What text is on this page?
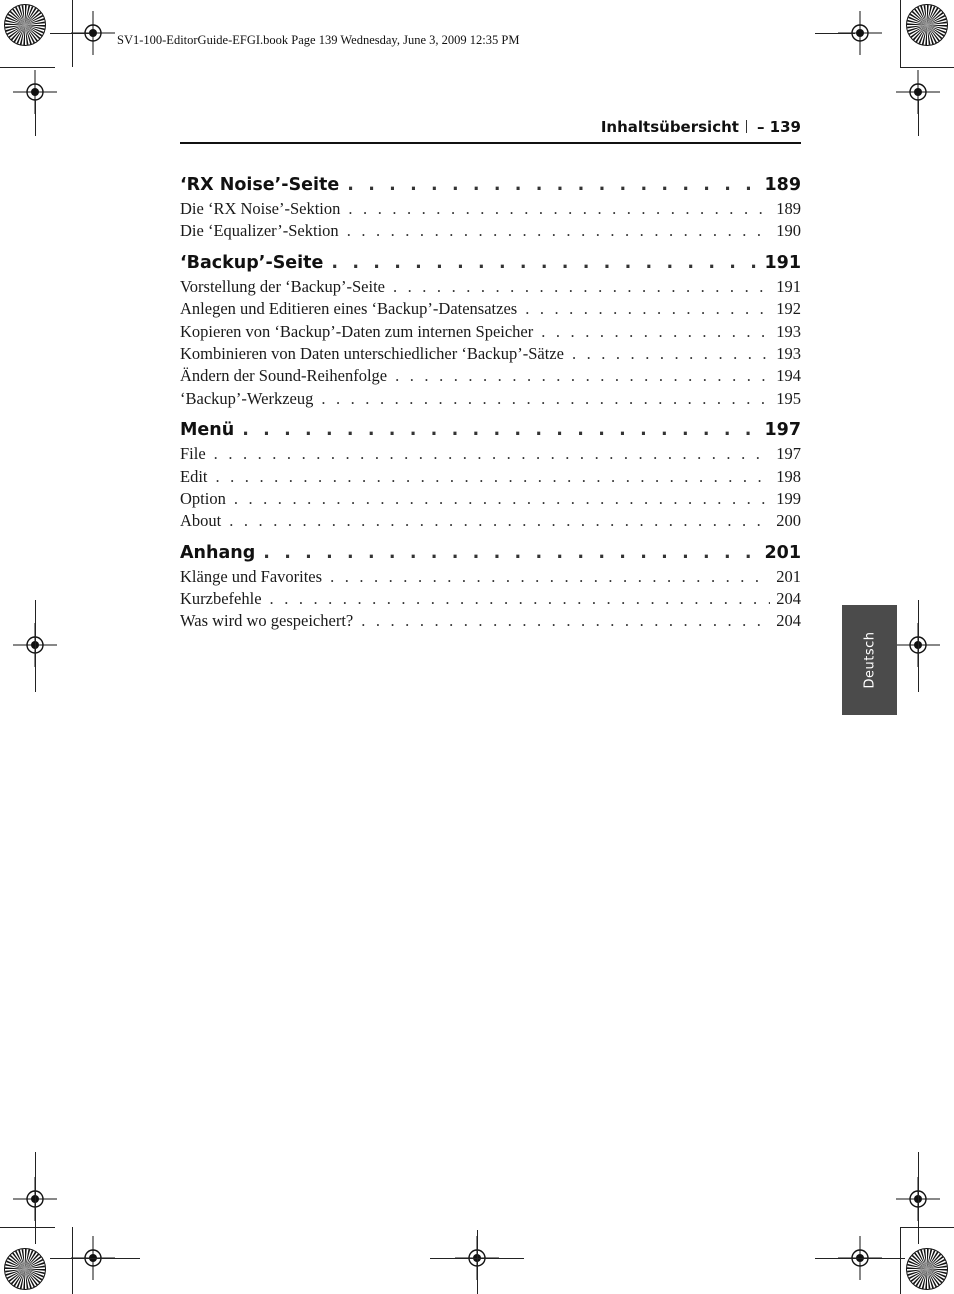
SV1-100-EditorGuide-EFGI.book Page 139 Wednesday, June 3, 2009 12:35 PM
Inhaltsübersicht – 139
‘RX Noise’-Seite . . .	189
Die ‘RX Noise’-Sektion . . .	189
Die ‘Equalizer’-Sektion . . .	190
‘Backup’-Seite . . .	191
Vorstellung der ‘Backup’-Seite . . .	191
Anlegen und Editieren eines ‘Backup’-Datensatzes . . .	192
Kopieren von ‘Backup’-Daten zum internen Speicher . . .	193
Kombinieren von Daten unterschiedlicher ‘Backup’-Sätze . . .	193
Ändern der Sound-Reihenfolge . . .	194
‘Backup’-Werkzeug . . .	195
Menü . . .	197
File . . .	197
Edit . . .	198
Option . . .	199
About . . .	200
Anhang . . .	201
Klänge und Favorites . . .	201
Kurzbefehle . . .	204
Was wird wo gespeichert? . . .	204
Deutsch
